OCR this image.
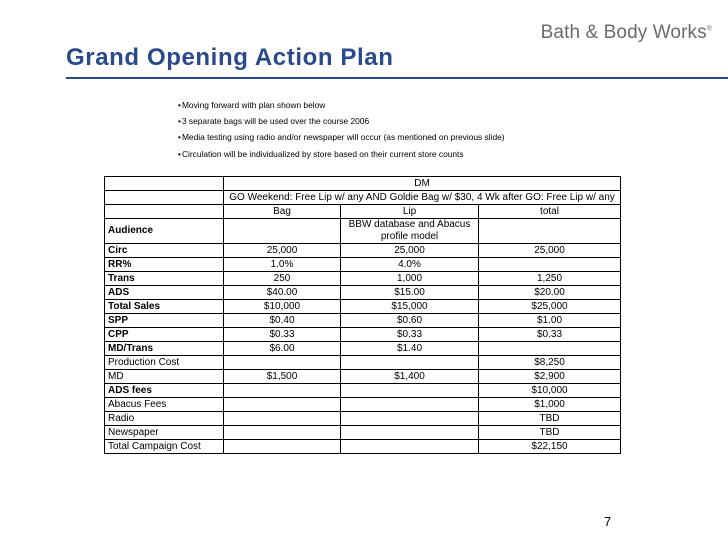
Bath & Body Works®
Grand Opening Action Plan
• Moving forward with plan shown below
• 3 separate bags will be used over the course 2006
• Media testing using radio and/or newspaper will occur (as mentioned on previous slide)
• Circulation will be individualized by store based on their current store counts
	DM		
	GO Weekend: Free Lip w/ any AND Goldie Bag w/ $30, 4 Wk after GO: Free Lip w/ any		
	Bag	Lip	total
Audience		BBW database and Abacus profile model	
Circ	25,000	25,000	25,000
RR%	1.0%	4.0%	
Trans	250	1,000	1,250
ADS	$40.00	$15.00	$20.00
Total Sales	$10,000	$15,000	$25,000
SPP	$0.40	$0.60	$1.00
CPP	$0.33	$0.33	$0.33
MD/Trans	$6.00	$1.40	
Production Cost			$8,250
MD	$1,500	$1,400	$2,900
ADS fees			$10,000
Abacus Fees			$1,000
Radio			TBD
Newspaper			TBD
Total Campaign Cost			$22,150
7
